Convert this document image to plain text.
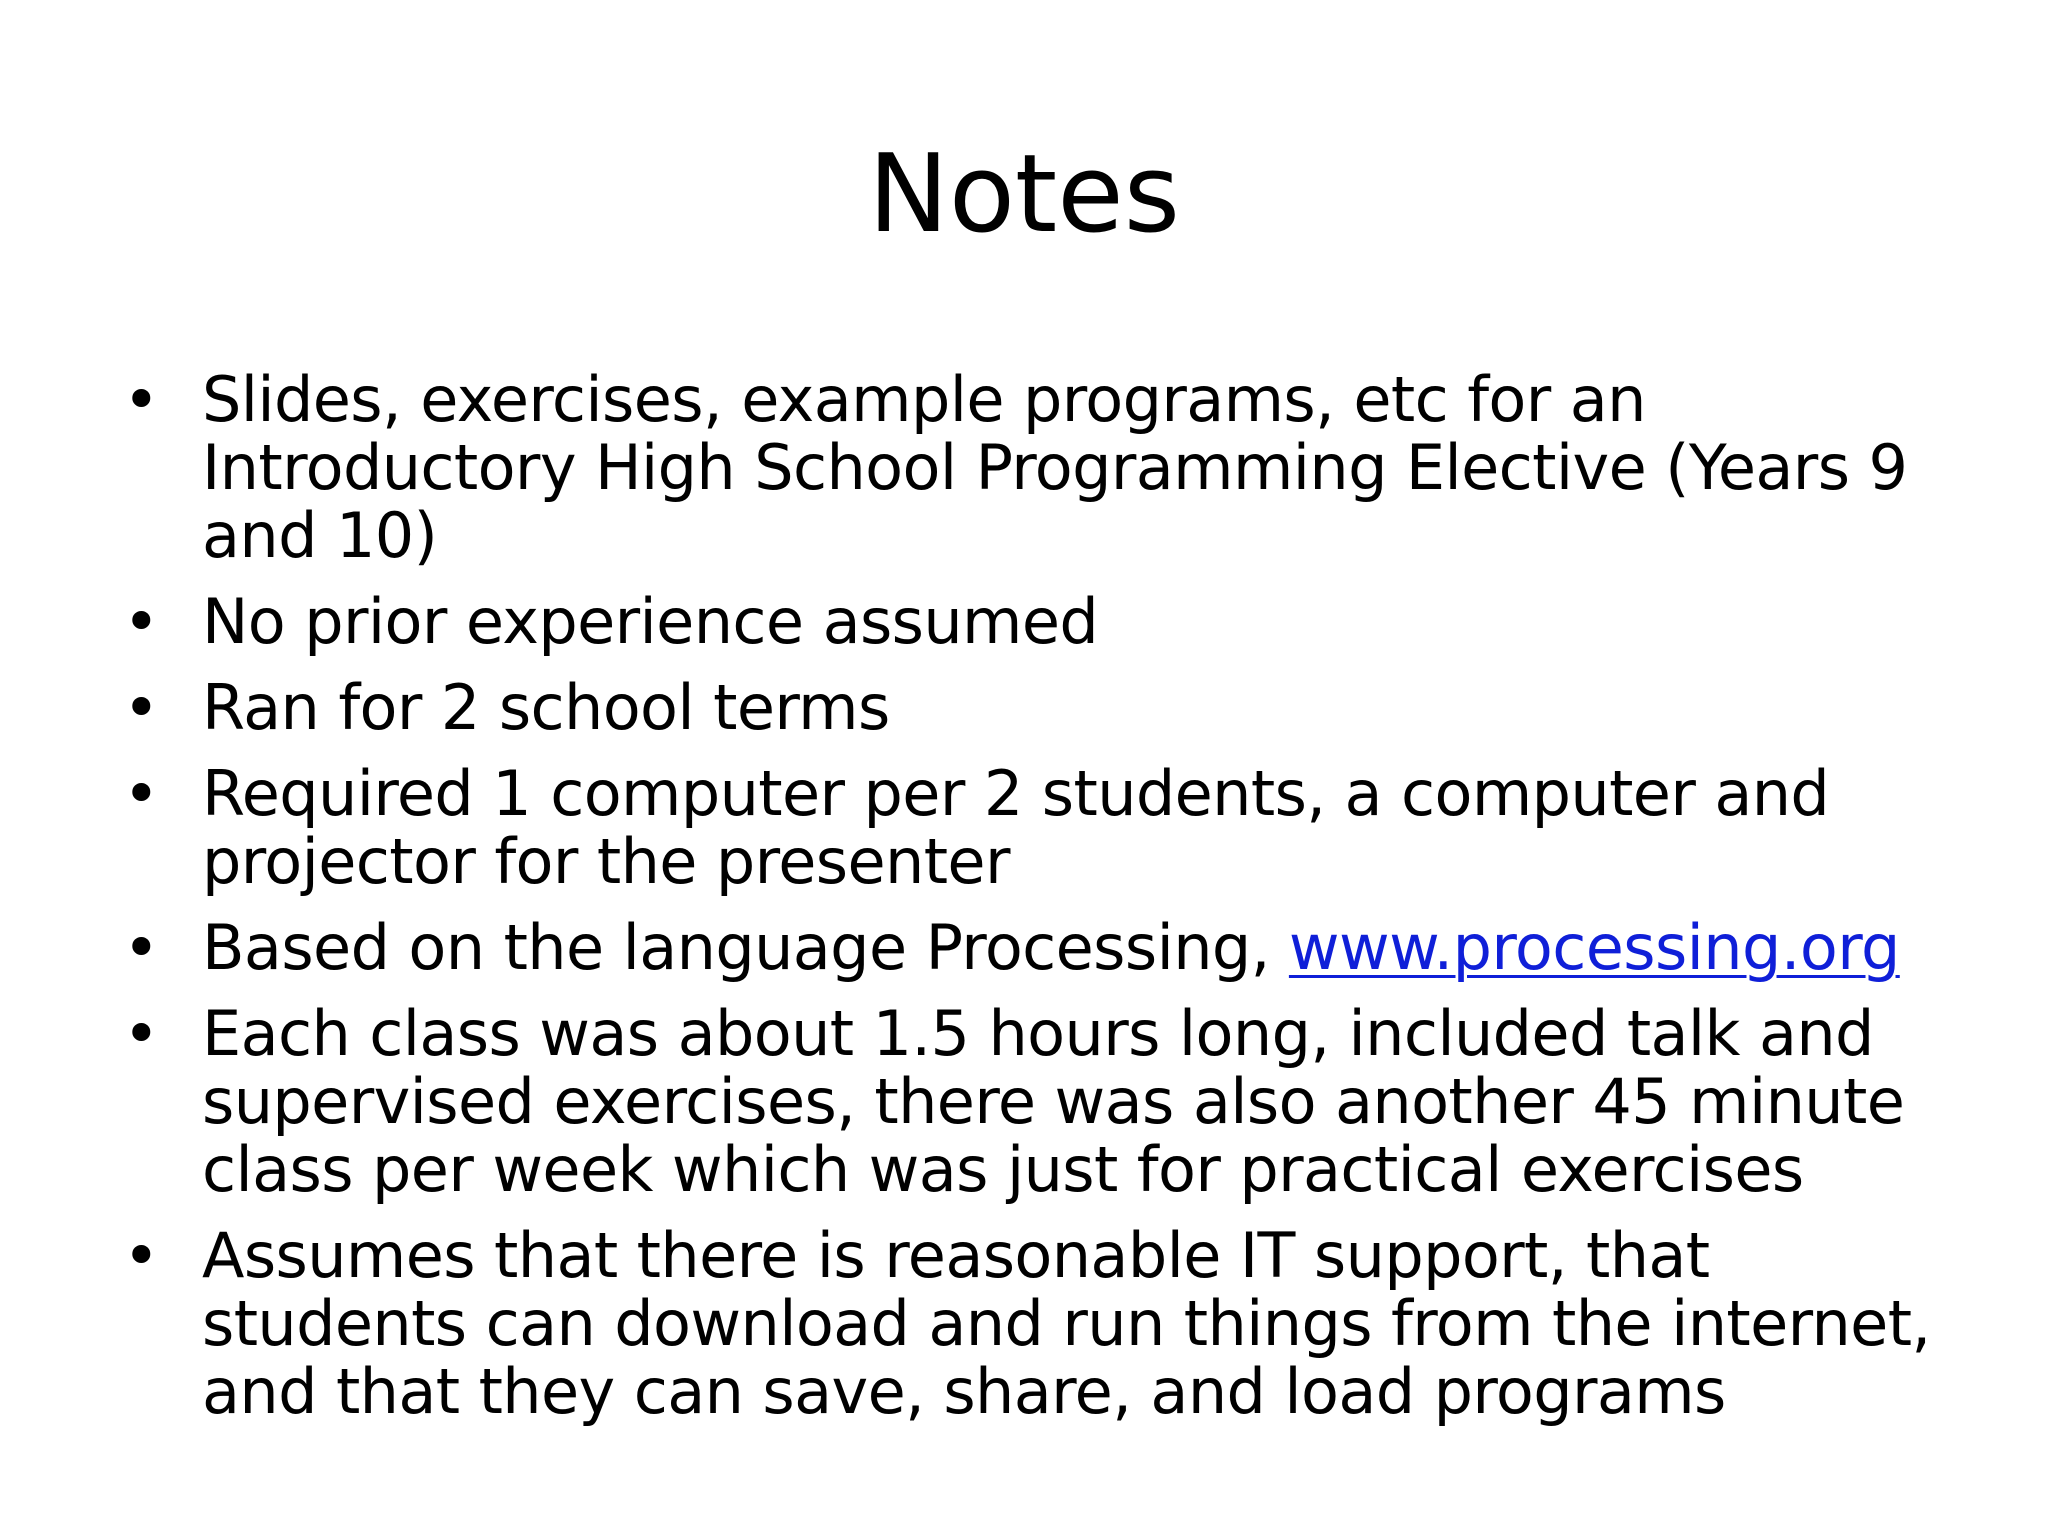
Notes
• Slides, exercises, example programs, etc for an Introductory High School Programming Elective (Years 9 and 10)
• No prior experience assumed
• Ran for 2 school terms
• Required 1 computer per 2 students, a computer and projector for the presenter
• Based on the language Processing, www.processing.org
• Each class was about 1.5 hours long, included talk and supervised exercises, there was also another 45 minute class per week which was just for practical exercises
• Assumes that there is reasonable IT support, that students can download and run things from the internet, and that they can save, share, and load programs
